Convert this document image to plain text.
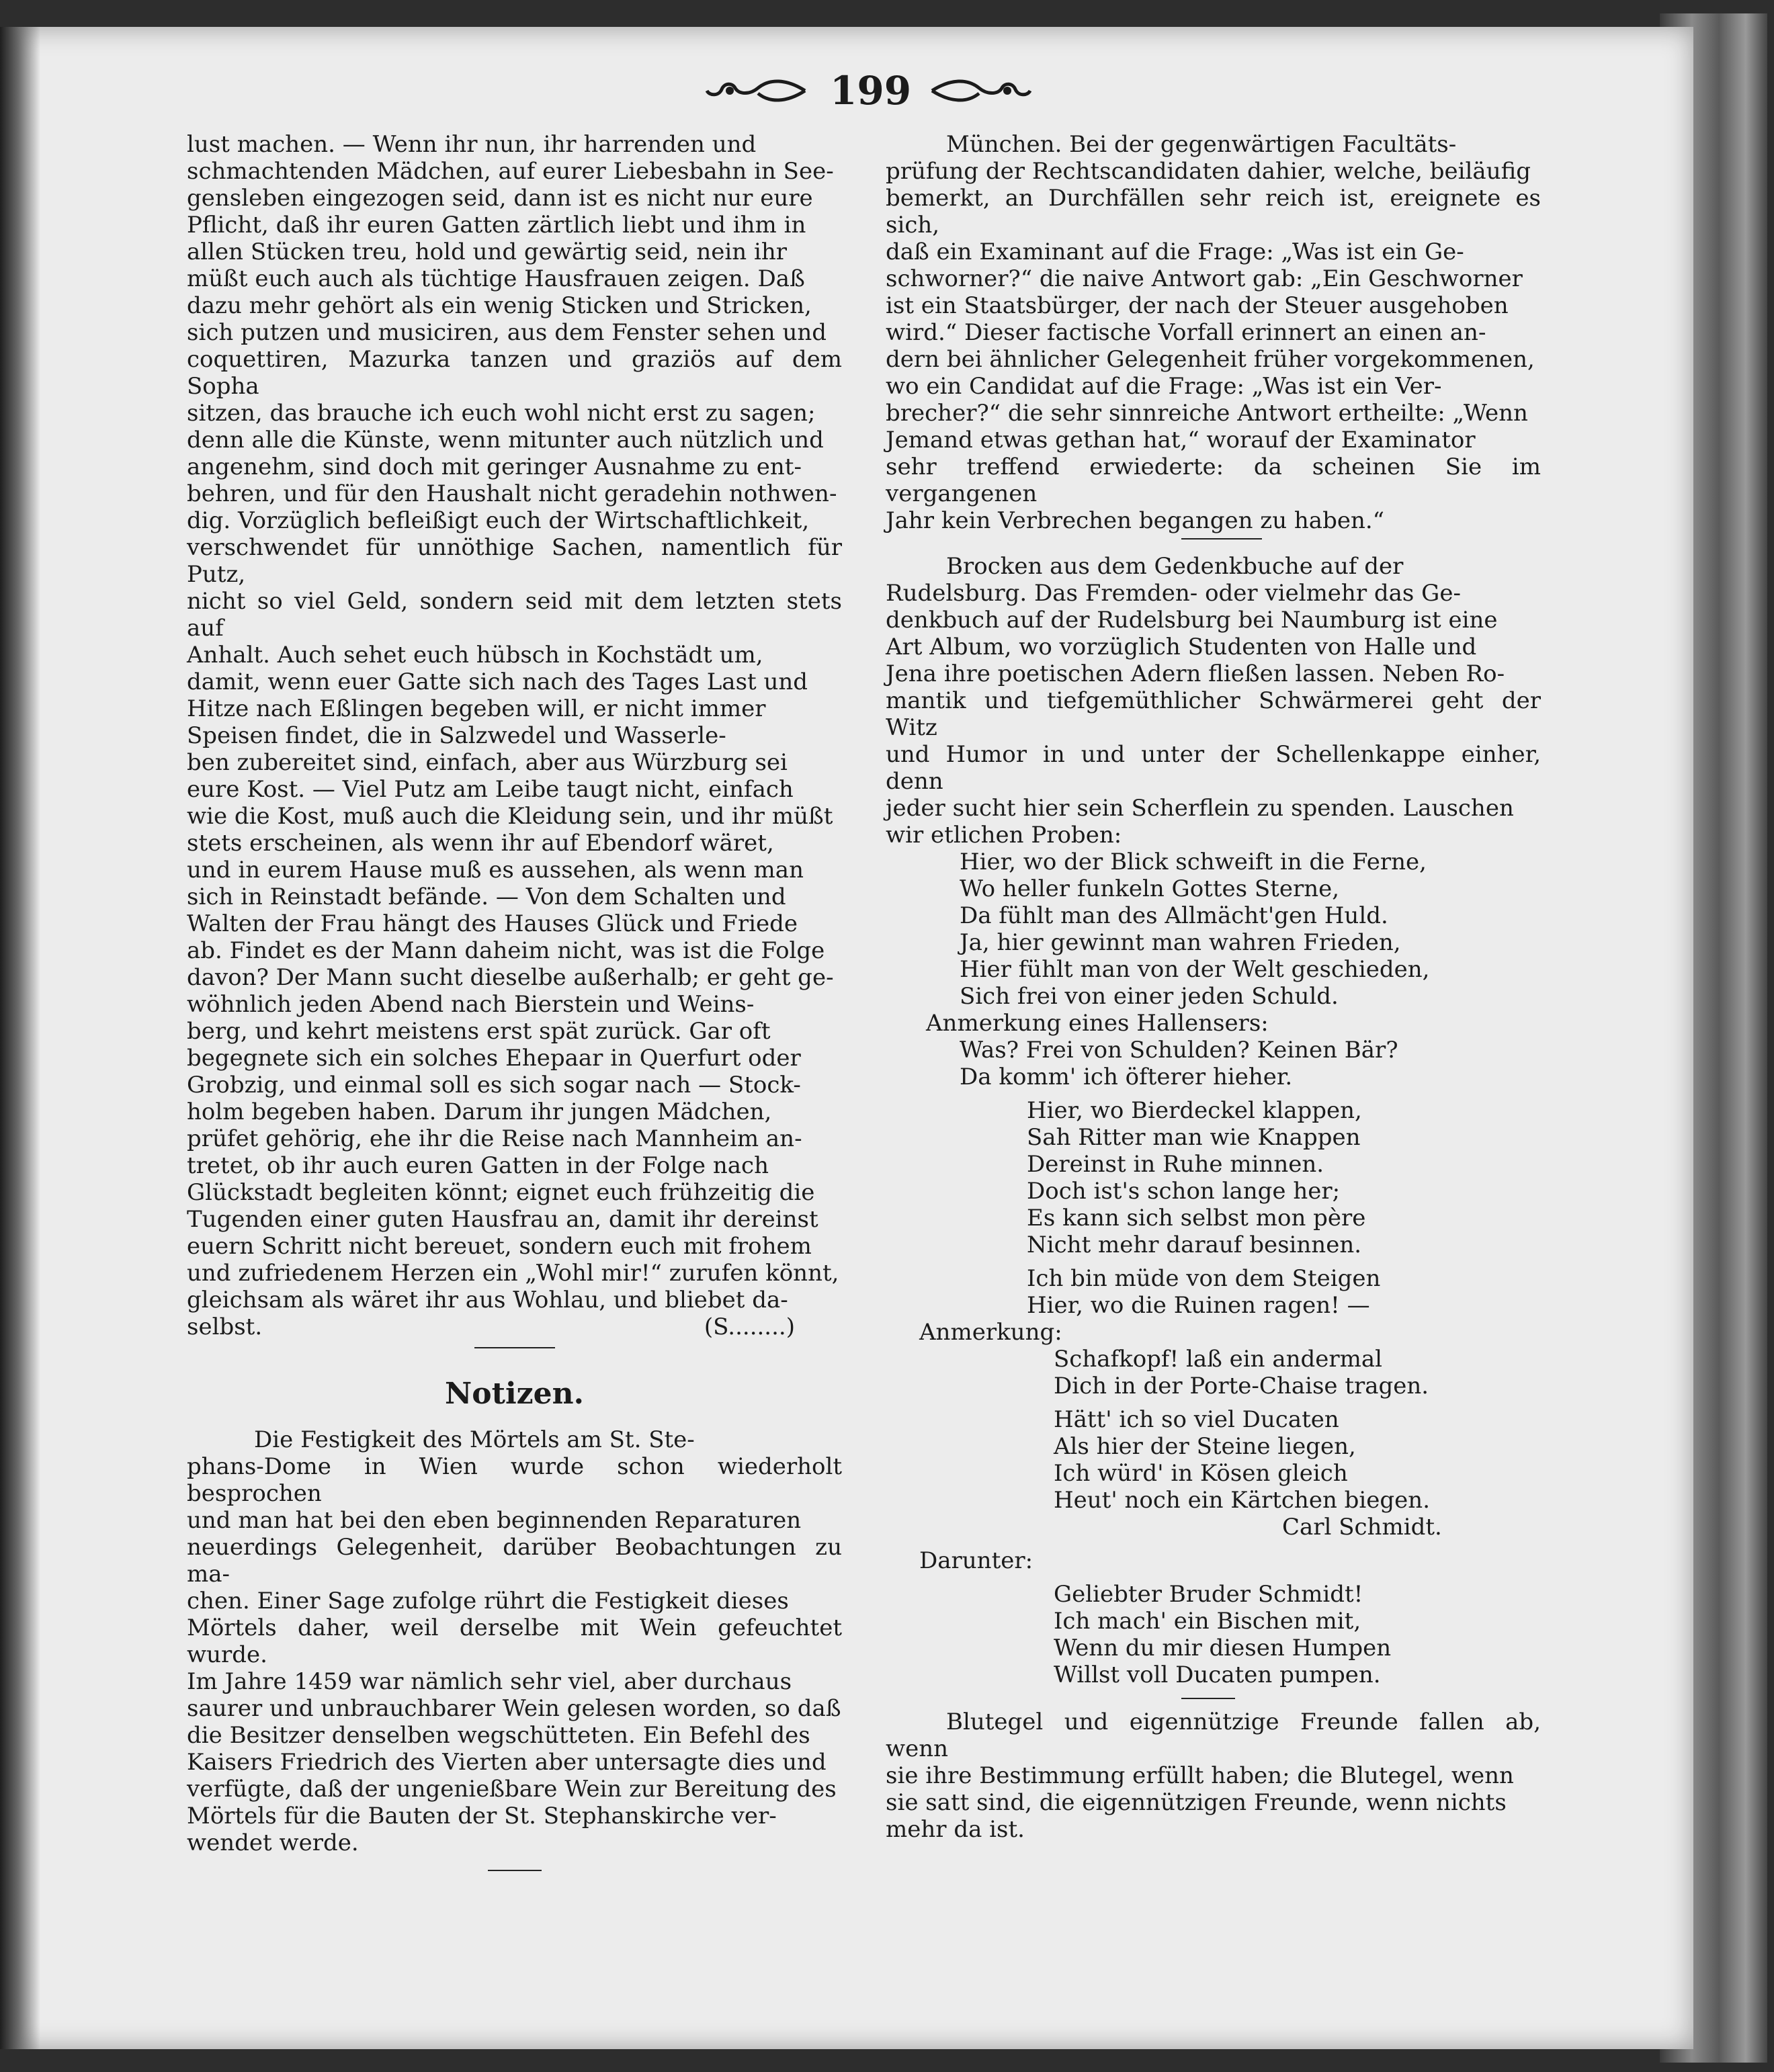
199
lust machen. — Wenn ihr nun, ihr harrenden und
schmachtenden Mädchen, auf eurer Liebesbahn in See-
gensleben eingezogen seid, dann ist es nicht nur eure
Pflicht, daß ihr euren Gatten zärtlich liebt und ihm in
allen Stücken treu, hold und gewärtig seid, nein ihr
müßt euch auch als tüchtige Hausfrauen zeigen. Daß
dazu mehr gehört als ein wenig Sticken und Stricken,
sich putzen und musiciren, aus dem Fenster sehen und
coquettiren, Mazurka tanzen und graziös auf dem Sopha
sitzen, das brauche ich euch wohl nicht erst zu sagen;
denn alle die Künste, wenn mitunter auch nützlich und
angenehm, sind doch mit geringer Ausnahme zu ent-
behren, und für den Haushalt nicht geradehin nothwen-
dig. Vorzüglich befleißigt euch der Wirtschaftlichkeit,
verschwendet für unnöthige Sachen, namentlich für Putz,
nicht so viel Geld, sondern seid mit dem letzten stets auf
Anhalt. Auch sehet euch hübsch in Kochstädt um,
damit, wenn euer Gatte sich nach des Tages Last und
Hitze nach Eßlingen begeben will, er nicht immer
Speisen findet, die in Salzwedel und Wasserle-
ben zubereitet sind, einfach, aber aus Würzburg sei
eure Kost. — Viel Putz am Leibe taugt nicht, einfach
wie die Kost, muß auch die Kleidung sein, und ihr müßt
stets erscheinen, als wenn ihr auf Ebendorf wäret,
und in eurem Hause muß es aussehen, als wenn man
sich in Reinstadt befände. — Von dem Schalten und
Walten der Frau hängt des Hauses Glück und Friede
ab. Findet es der Mann daheim nicht, was ist die Folge
davon? Der Mann sucht dieselbe außerhalb; er geht ge-
wöhnlich jeden Abend nach Bierstein und Weins-
berg, und kehrt meistens erst spät zurück. Gar oft
begegnete sich ein solches Ehepaar in Querfurt oder
Grobzig, und einmal soll es sich sogar nach — Stock-
holm begeben haben. Darum ihr jungen Mädchen,
prüfet gehörig, ehe ihr die Reise nach Mannheim an-
tretet, ob ihr auch euren Gatten in der Folge nach
Glückstadt begleiten könnt; eignet euch frühzeitig die
Tugenden einer guten Hausfrau an, damit ihr dereinst
euern Schritt nicht bereuet, sondern euch mit frohem
und zufriedenem Herzen ein „Wohl mir!“ zurufen könnt,
gleichsam als wäret ihr aus Wohlau, und bliebet da-
selbst.	(S........)
Notizen.
Die Festigkeit des Mörtels am St. Ste-
phans-Dome in Wien wurde schon wiederholt besprochen
und man hat bei den eben beginnenden Reparaturen
neuerdings Gelegenheit, darüber Beobachtungen zu ma-
chen. Einer Sage zufolge rührt die Festigkeit dieses
Mörtels daher, weil derselbe mit Wein gefeuchtet wurde.
Im Jahre 1459 war nämlich sehr viel, aber durchaus
saurer und unbrauchbarer Wein gelesen worden, so daß
die Besitzer denselben wegschütteten. Ein Befehl des
Kaisers Friedrich des Vierten aber untersagte dies und
verfügte, daß der ungenießbare Wein zur Bereitung des
Mörtels für die Bauten der St. Stephanskirche ver-
wendet werde.
München. Bei der gegenwärtigen Facultäts-
prüfung der Rechtscandidaten dahier, welche, beiläufig
bemerkt, an Durchfällen sehr reich ist, ereignete es sich,
daß ein Examinant auf die Frage: „Was ist ein Ge-
schworner?“ die naive Antwort gab: „Ein Geschworner
ist ein Staatsbürger, der nach der Steuer ausgehoben
wird.“ Dieser factische Vorfall erinnert an einen an-
dern bei ähnlicher Gelegenheit früher vorgekommenen,
wo ein Candidat auf die Frage: „Was ist ein Ver-
brecher?“ die sehr sinnreiche Antwort ertheilte: „Wenn
Jemand etwas gethan hat,“ worauf der Examinator
sehr treffend erwiederte: da scheinen Sie im vergangenen
Jahr kein Verbrechen begangen zu haben.“
Brocken aus dem Gedenkbuche auf der
Rudelsburg. Das Fremden- oder vielmehr das Ge-
denkbuch auf der Rudelsburg bei Naumburg ist eine
Art Album, wo vorzüglich Studenten von Halle und
Jena ihre poetischen Adern fließen lassen. Neben Ro-
mantik und tiefgemüthlicher Schwärmerei geht der Witz
und Humor in und unter der Schellenkappe einher, denn
jeder sucht hier sein Scherflein zu spenden. Lauschen
wir etlichen Proben:
Hier, wo der Blick schweift in die Ferne,
Wo heller funkeln Gottes Sterne,
Da fühlt man des Allmächt'gen Huld.
Ja, hier gewinnt man wahren Frieden,
Hier fühlt man von der Welt geschieden,
Sich frei von einer jeden Schuld.
Anmerkung eines Hallensers:
Was? Frei von Schulden? Keinen Bär?
Da komm' ich öfterer hieher.
Hier, wo Bierdeckel klappen,
Sah Ritter man wie Knappen
Dereinst in Ruhe minnen.
Doch ist's schon lange her;
Es kann sich selbst mon père
Nicht mehr darauf besinnen.
Ich bin müde von dem Steigen
Hier, wo die Ruinen ragen! —
Anmerkung:
Schafkopf! laß ein andermal
Dich in der Porte-Chaise tragen.
Hätt' ich so viel Ducaten
Als hier der Steine liegen,
Ich würd' in Kösen gleich
Heut' noch ein Kärtchen biegen.
Carl Schmidt.
Darunter:
Geliebter Bruder Schmidt!
Ich mach' ein Bischen mit,
Wenn du mir diesen Humpen
Willst voll Ducaten pumpen.
Blutegel und eigennützige Freunde fallen ab, wenn
sie ihre Bestimmung erfüllt haben; die Blutegel, wenn
sie satt sind, die eigennützigen Freunde, wenn nichts
mehr da ist.
